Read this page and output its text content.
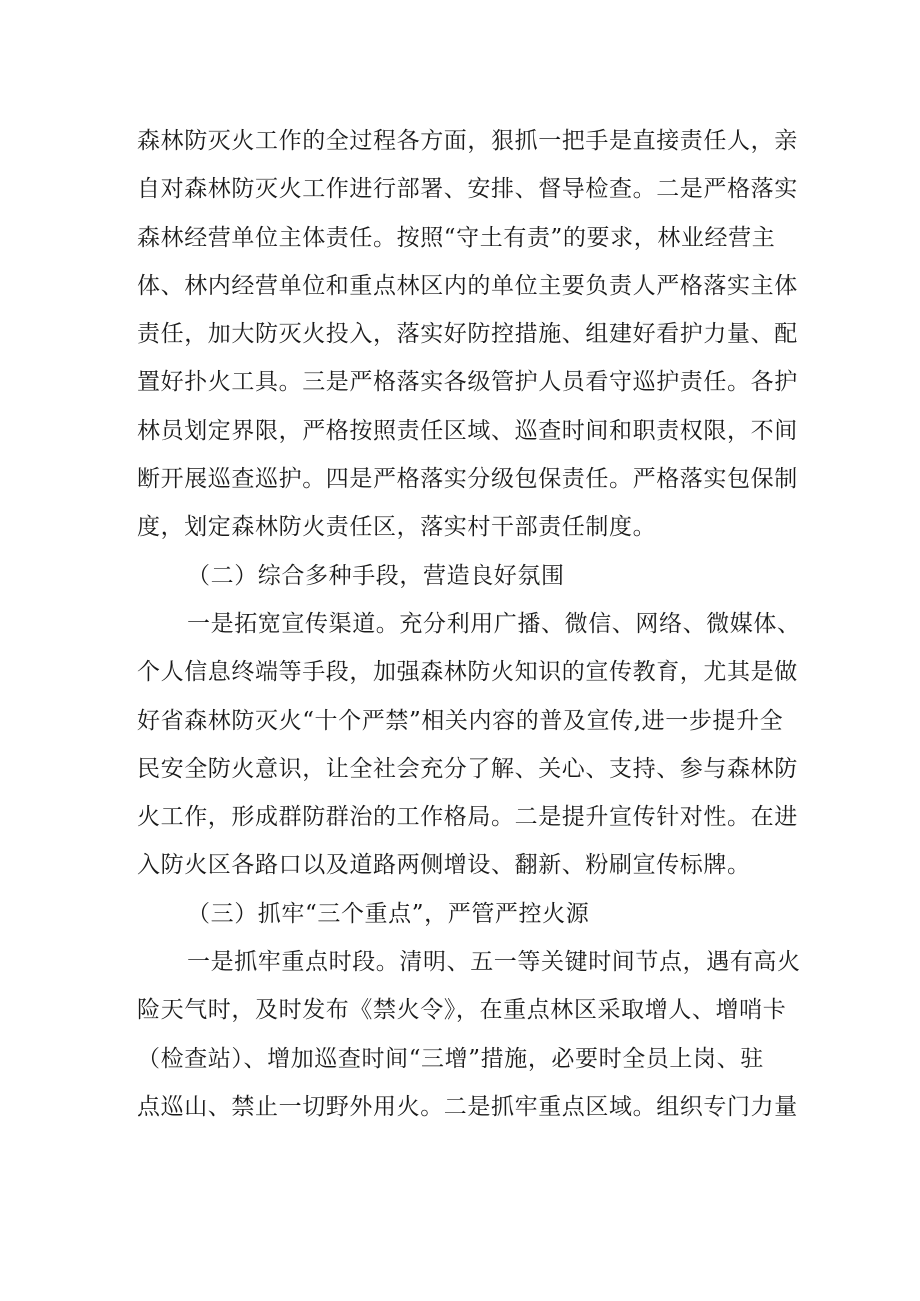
森林防灭火工作的全过程各方面，狠抓一把手是直接责任人，亲
自对森林防灭火工作进行部署、安排、督导检查。二是严格落实
森林经营单位主体责任。按照“守土有责”的要求，林业经营主
体、林内经营单位和重点林区内的单位主要负责人严格落实主体
责任，加大防灭火投入，落实好防控措施、组建好看护力量、配
置好扑火工具。三是严格落实各级管护人员看守巡护责任。各护
林员划定界限，严格按照责任区域、巡查时间和职责权限，不间
断开展巡查巡护。四是严格落实分级包保责任。严格落实包保制
度，划定森林防火责任区，落实村干部责任制度。
（二）综合多种手段，营造良好氛围
一是拓宽宣传渠道。充分利用广播、微信、网络、微媒体、
个人信息终端等手段，加强森林防火知识的宣传教育，尤其是做
好省森林防灭火“十个严禁”相关内容的普及宣传,进一步提升全
民安全防火意识，让全社会充分了解、关心、支持、参与森林防
火工作，形成群防群治的工作格局。二是提升宣传针对性。在进
入防火区各路口以及道路两侧增设、翻新、粉刷宣传标牌。
（三）抓牢“三个重点”，严管严控火源
一是抓牢重点时段。清明、五一等关键时间节点，遇有高火
险天气时，及时发布《禁火令》，在重点林区采取增人、增哨卡
（检查站）、增加巡查时间“三增”措施，必要时全员上岗、驻
点巡山、禁止一切野外用火。二是抓牢重点区域。组织专门力量
